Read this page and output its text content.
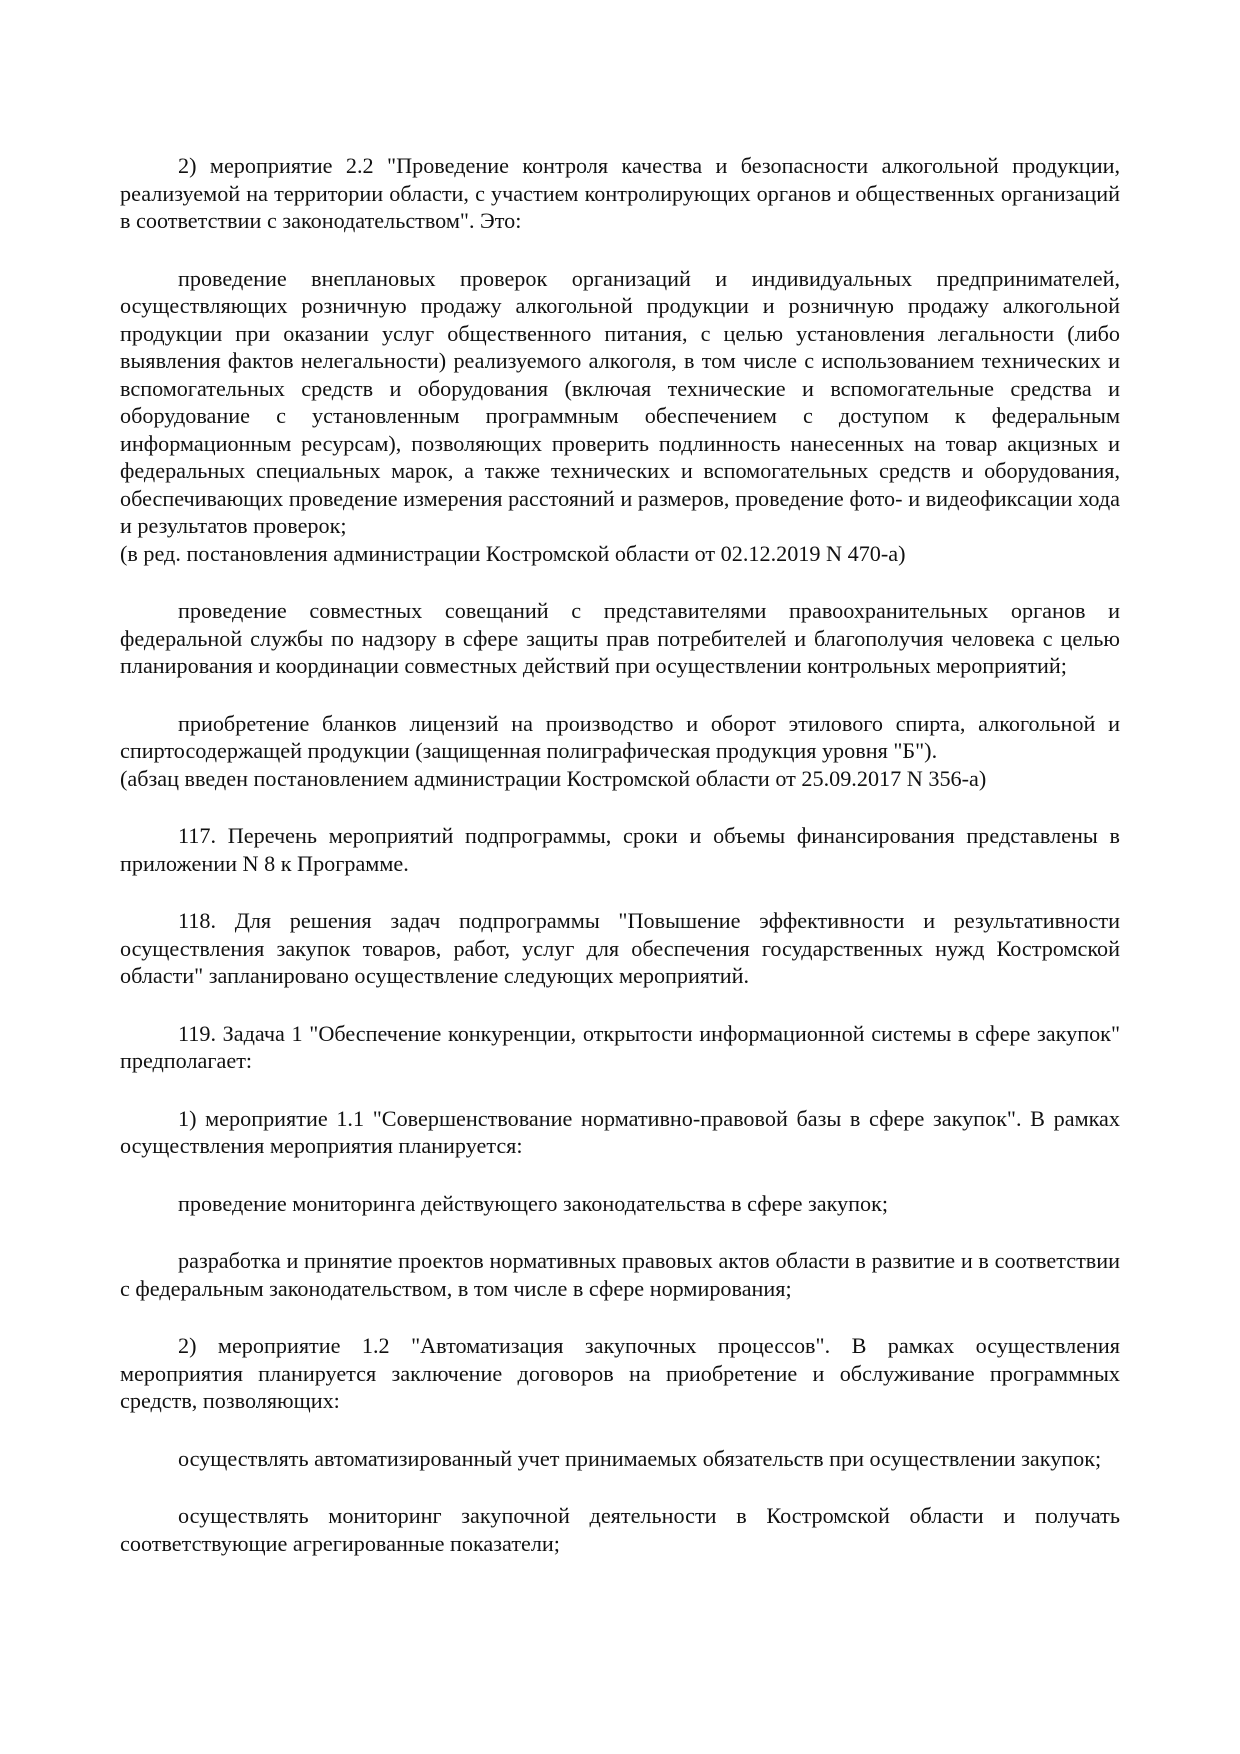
2) мероприятие 2.2 "Проведение контроля качества и безопасности алкогольной продукции, реализуемой на территории области, с участием контролирующих органов и общественных организаций в соответствии с законодательством". Это:

проведение внеплановых проверок организаций и индивидуальных предпринимателей, осуществляющих розничную продажу алкогольной продукции и розничную продажу алкогольной продукции при оказании услуг общественного питания, с целью установления легальности (либо выявления фактов нелегальности) реализуемого алкоголя, в том числе с использованием технических и вспомогательных средств и оборудования (включая технические и вспомогательные средства и оборудование с установленным программным обеспечением с доступом к федеральным информационным ресурсам), позволяющих проверить подлинность нанесенных на товар акцизных и федеральных специальных марок, а также технических и вспомогательных средств и оборудования, обеспечивающих проведение измерения расстояний и размеров, проведение фото- и видеофиксации хода и результатов проверок;

(в ред. постановления администрации Костромской области от 02.12.2019 N 470-а)

проведение совместных совещаний с представителями правоохранительных органов и федеральной службы по надзору в сфере защиты прав потребителей и благополучия человека с целью планирования и координации совместных действий при осуществлении контрольных мероприятий;

приобретение бланков лицензий на производство и оборот этилового спирта, алкогольной и спиртосодержащей продукции (защищенная полиграфическая продукция уровня "Б").

(абзац введен постановлением администрации Костромской области от 25.09.2017 N 356-а)

117. Перечень мероприятий подпрограммы, сроки и объемы финансирования представлены в приложении N 8 к Программе.

118. Для решения задач подпрограммы "Повышение эффективности и результативности осуществления закупок товаров, работ, услуг для обеспечения государственных нужд Костромской области" запланировано осуществление следующих мероприятий.

119. Задача 1 "Обеспечение конкуренции, открытости информационной системы в сфере закупок" предполагает:

1) мероприятие 1.1 "Совершенствование нормативно-правовой базы в сфере закупок". В рамках осуществления мероприятия планируется:

проведение мониторинга действующего законодательства в сфере закупок;

разработка и принятие проектов нормативных правовых актов области в развитие и в соответствии с федеральным законодательством, в том числе в сфере нормирования;

2) мероприятие 1.2 "Автоматизация закупочных процессов". В рамках осуществления мероприятия планируется заключение договоров на приобретение и обслуживание программных средств, позволяющих:

осуществлять автоматизированный учет принимаемых обязательств при осуществлении закупок;

осуществлять мониторинг закупочной деятельности в Костромской области и получать соответствующие агрегированные показатели;
